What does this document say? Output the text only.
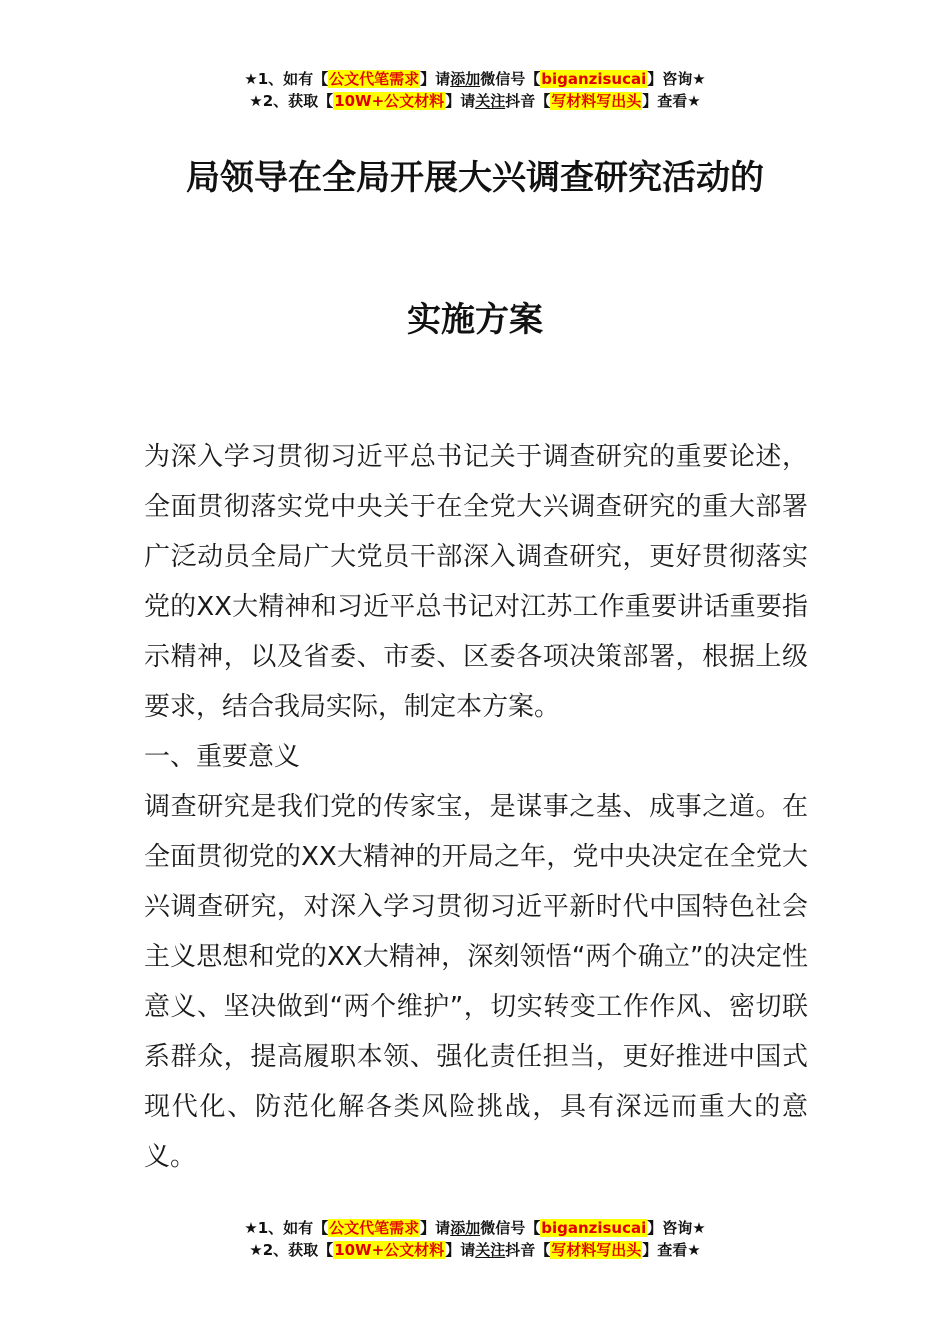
★1、如有【公文代笔需求】请添加微信号【biganzisucai】咨询★
★2、获取【10W+公文材料】请关注抖音【写材料写出头】查看★
局领导在全局开展大兴调查研究活动的
实施方案

为深入学习贯彻习近平总书记关于调查研究的重要论述，全面贯彻落实党中央关于在全党大兴调查研究的重大部署广泛动员全局广大党员干部深入调查研究，更好贯彻落实党的XX大精神和习近平总书记对江苏工作重要讲话重要指示精神，以及省委、市委、区委各项决策部署，根据上级要求，结合我局实际，制定本方案。

一、重要意义

调查研究是我们党的传家宝，是谋事之基、成事之道。在全面贯彻党的XX大精神的开局之年，党中央决定在全党大兴调查研究，对深入学习贯彻习近平新时代中国特色社会主义思想和党的XX大精神，深刻领悟“两个确立”的决定性意义、坚决做到“两个维护”，切实转变工作作风、密切联系群众，提高履职本领、强化责任担当，更好推进中国式现代化、防范化解各类风险挑战，具有深远而重大的意义。

★1、如有【公文代笔需求】请添加微信号【biganzisucai】咨询★
★2、获取【10W+公文材料】请关注抖音【写材料写出头】查看★
